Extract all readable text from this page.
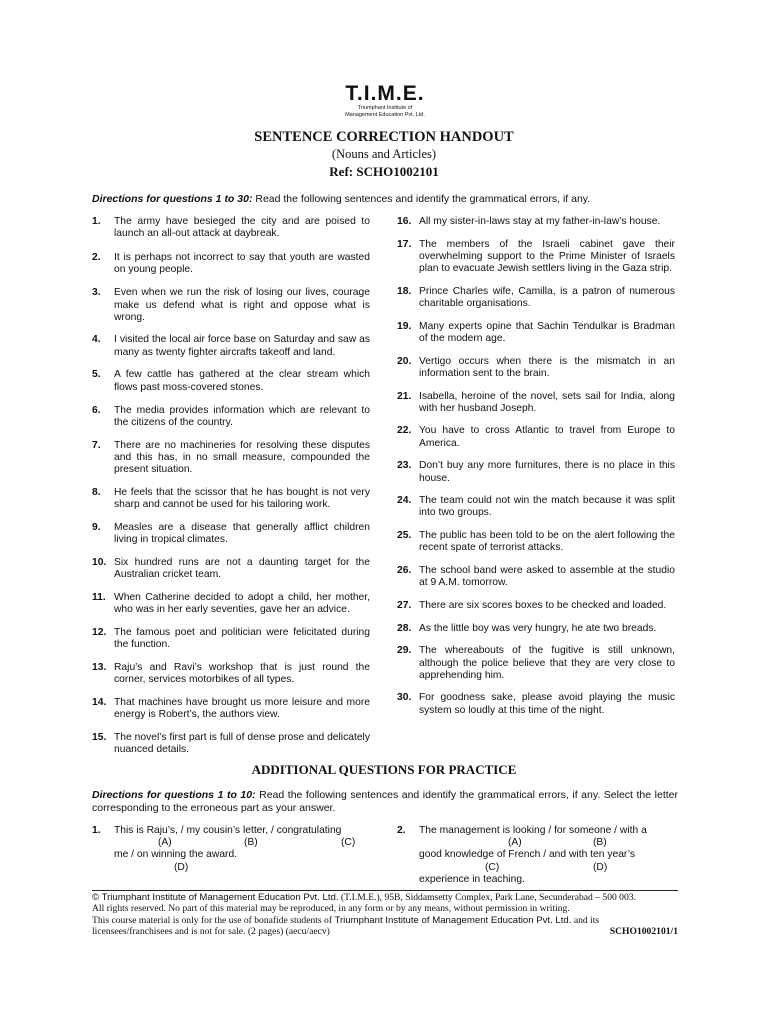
T.I.M.E.
Triumphant Institute of
Management Education Pvt. Ltd.
SENTENCE CORRECTION HANDOUT
(Nouns and Articles)
Ref: SCHO1002101
Directions for questions 1 to 30: Read the following sentences and identify the grammatical errors, if any.
1.	The army have besieged the city and are poised to launch an all-out attack at daybreak.
2.	It is perhaps not incorrect to say that youth are wasted on young people.
3.	Even when we run the risk of losing our lives, courage make us defend what is right and oppose what is wrong.
4.	I visited the local air force base on Saturday and saw as many as twenty fighter aircrafts takeoff and land.
5.	A few cattle has gathered at the clear stream which flows past moss-covered stones.
6.	The media provides information which are relevant to the citizens of the country.
7.	There are no machineries for resolving these disputes and this has, in no small measure, compounded the present situation.
8.	He feels that the scissor that he has bought is not very sharp and cannot be used for his tailoring work.
9.	Measles are a disease that generally afflict children living in tropical climates.
10. Six hundred runs are not a daunting target for the Australian cricket team.
11. When Catherine decided to adopt a child, her mother, who was in her early seventies, gave her an advice.
12. The famous poet and politician were felicitated during the function.
13. Raju’s and Ravi’s workshop that is just round the corner, services motorbikes of all types.
14. That machines have brought us more leisure and more energy is Robert’s, the authors view.
15. The novel’s first part is full of dense prose and delicately nuanced details.
16. All my sister-in-laws stay at my father-in-law’s house.
17. The members of the Israeli cabinet gave their overwhelming support to the Prime Minister of Israels plan to evacuate Jewish settlers living in the Gaza strip.
18. Prince Charles wife, Camilla, is a patron of numerous charitable organisations.
19. Many experts opine that Sachin Tendulkar is Bradman of the modern age.
20. Vertigo occurs when there is the mismatch in an information sent to the brain.
21. Isabella, heroine of the novel, sets sail for India, along with her husband Joseph.
22. You have to cross Atlantic to travel from Europe to America.
23. Don’t buy any more furnitures, there is no place in this house.
24. The team could not win the match because it was split into two groups.
25. The public has been told to be on the alert following the recent spate of terrorist attacks.
26. The school band were asked to assemble at the studio at 9 A.M. tomorrow.
27. There are six scores boxes to be checked and loaded.
28. As the little boy was very hungry, he ate two breads.
29. The whereabouts of the fugitive is still unknown, although the police believe that they are very close to apprehending him.
30. For goodness sake, please avoid playing the music system so loudly at this time of the night.
ADDITIONAL QUESTIONS FOR PRACTICE
Directions for questions 1 to 10: Read the following sentences and identify the grammatical errors, if any. Select the letter corresponding to the erroneous part as your answer.
1. This is Raju’s, / my cousin’s letter, / congratulating
(A)	(B)	(C)
me / on winning the award.
(D)
2. The management is looking / for someone / with a
(A)	(B)
good knowledge of French / and with ten year’s
(C)	(D)
experience in teaching.
© Triumphant Institute of Management Education Pvt. Ltd. (T.I.M.E.), 95B, Siddamsetty Complex, Park Lane, Secunderabad – 500 003.
All rights reserved. No part of this material may be reproduced, in any form or by any means, without permission in writing.
This course material is only for the use of bonafide students of Triumphant Institute of Management Education Pvt. Ltd. and its
licensees/franchisees and is not for sale. (2 pages) (aecu/aecv)	SCHO1002101/1
